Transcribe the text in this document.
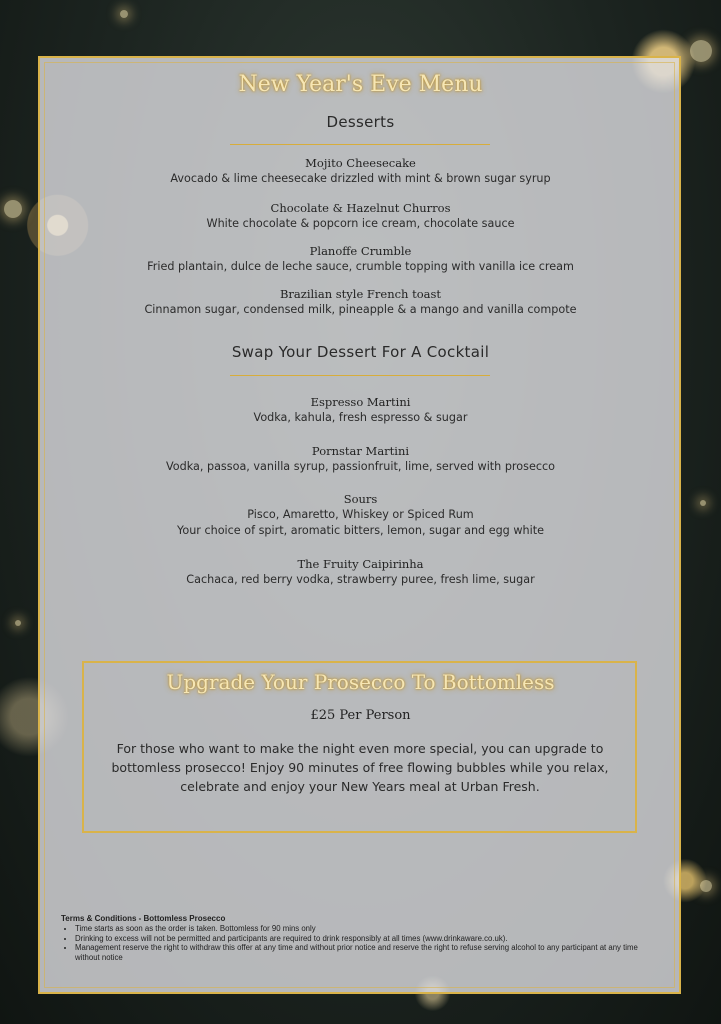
New Year's Eve Menu
Desserts
Mojito Cheesecake
Avocado & lime cheesecake drizzled with mint & brown sugar syrup
Chocolate & Hazelnut Churros
White chocolate & popcorn ice cream, chocolate sauce
Planoffe Crumble
Fried plantain, dulce de leche sauce, crumble topping with vanilla ice cream
Brazilian style French toast
Cinnamon sugar, condensed milk, pineapple & a mango and vanilla compote
Swap Your Dessert For A Cocktail
Espresso Martini
Vodka, kahula, fresh espresso & sugar
Pornstar Martini
Vodka, passoa, vanilla syrup, passionfruit, lime, served with prosecco
Sours
Pisco, Amaretto, Whiskey or Spiced Rum
Your choice of spirt, aromatic bitters, lemon, sugar and egg white
The Fruity Caipirinha
Cachaca, red berry vodka, strawberry puree, fresh lime, sugar
Upgrade Your Prosecco To Bottomless
£25 Per Person
For those who want to make the night even more special, you can upgrade to bottomless prosecco! Enjoy 90 minutes of free flowing bubbles while you relax, celebrate and enjoy your New Years meal at Urban Fresh.
Terms & Conditions - Bottomless Prosecco
• Time starts as soon as the order is taken. Bottomless for 90 mins only
• Drinking to excess will not be permitted and participants are required to drink responsibly at all times (www.drinkaware.co.uk).
• Management reserve the right to withdraw this offer at any time and without prior notice and reserve the right to refuse serving alcohol to any participant at any time without notice
